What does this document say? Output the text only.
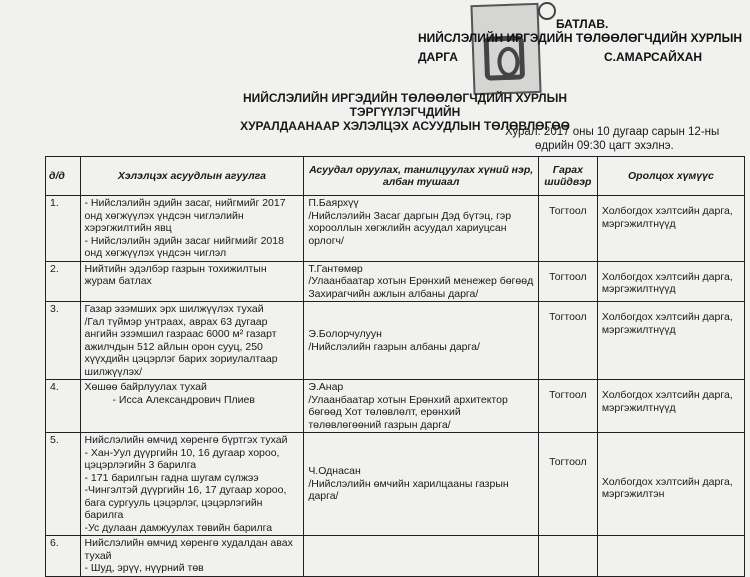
БАТЛАВ.
НИЙСЛЭЛИЙН ИРГЭДИЙН ТӨЛӨӨЛӨГЧДИЙН ХУРЛЫН
ДАРГА	С.АМАРСАЙХАН
НИЙСЛЭЛИЙН ИРГЭДИЙН ТӨЛӨӨЛӨГЧДИЙН ХУРЛЫН ТЭРГҮҮЛЭГЧДИЙН
ХУРАЛДААНААР ХЭЛЭЛЦЭХ АСУУДЛЫН ТӨЛӨВЛӨГӨӨ
Хурал: 2017 оны 10 дугаар сарын 12-ны
өдрийн 09:30 цагт эхэлнэ.
д/д	Хэлэлцэх асуудлын агуулга	Асуудал оруулах, танилцуулах хүний нэр, албан тушаал	Гарах шийдвэр	Оролцох хүмүүс
1.	- Нийслэлийн эдийн засаг, нийгмийг 2017 онд хөгжүүлэх үндсэн чиглэлийн хэрэгжилтийн явц
- Нийслэлийн эдийн засаг нийгмийг 2018 онд хөгжүүлэх үндсэн чиглэл	П.Баярхүү
/Нийслэлийн Засаг даргын Дэд бүтэц, гэр хорооллын хөгжлийн асуудал хариуцсан орлогч/	Тогтоол	Холбогдох хэлтсийн дарга, мэргэжилтнүүд

2.	Нийтийн эдэлбэр газрын тохижилтын журам батлах	Т.Гантөмөр
/Улаанбаатар хотын Ерөнхий менежер бөгөөд Захирагчийн ажлын албаны дарга/	Тогтоол	Холбогдох хэлтсийн дарга, мэргэжилтнүүд

3.	Газар эзэмших эрх шилжүүлэх тухай
/Гал түймэр унтраах, аврах 63 дугаар ангийн эзэмшил газраас 6000 м² газарт ажилчдын 512 айлын орон сууц, 250 хүүхдийн цэцэрлэг барих зориулалтаар шилжүүлэх/	Э.Болорчулуун
/Нийслэлийн газрын албаны дарга/	Тогтоол	Холбогдох хэлтсийн дарга, мэргэжилтнүүд

4.	Хөшөө байрлуулах тухай
- Иссa Александрович Плиев	Э.Анар
/Улаанбаатар хотын Ерөнхий архитектор бөгөөд Хот төлөвлөлт, ерөнхий төлөвлөгөөний газрын дарга/	Тогтоол	Холбогдох хэлтсийн дарга, мэргэжилтнүүд

5.	Нийслэлийн өмчид хөренгө бүртгэх тухай
- Хан-Уул дүүргийн 10, 16 дугаар хороо, цэцэрлэгийн 3 барилга
- 171 барилгын гадна шугам сүлжээ
-Чингэлтэй дүүргийн 16, 17 дугаар хороо, бага сургууль цэцэрлэг, цэцэрлэгийн барилга
-Ус дулаан дамжуулах төвийн барилга	Ч.Однасан
/Нийслэлийн өмчийн харилцааны газрын дарга/	Тогтоол	Холбогдох хэлтсийн дарга, мэргэжилтэн

6.	Нийслэлийн өмчид хөренгө худалдан авах тухай
- Шуд, эрүү, нүүрний төв			
